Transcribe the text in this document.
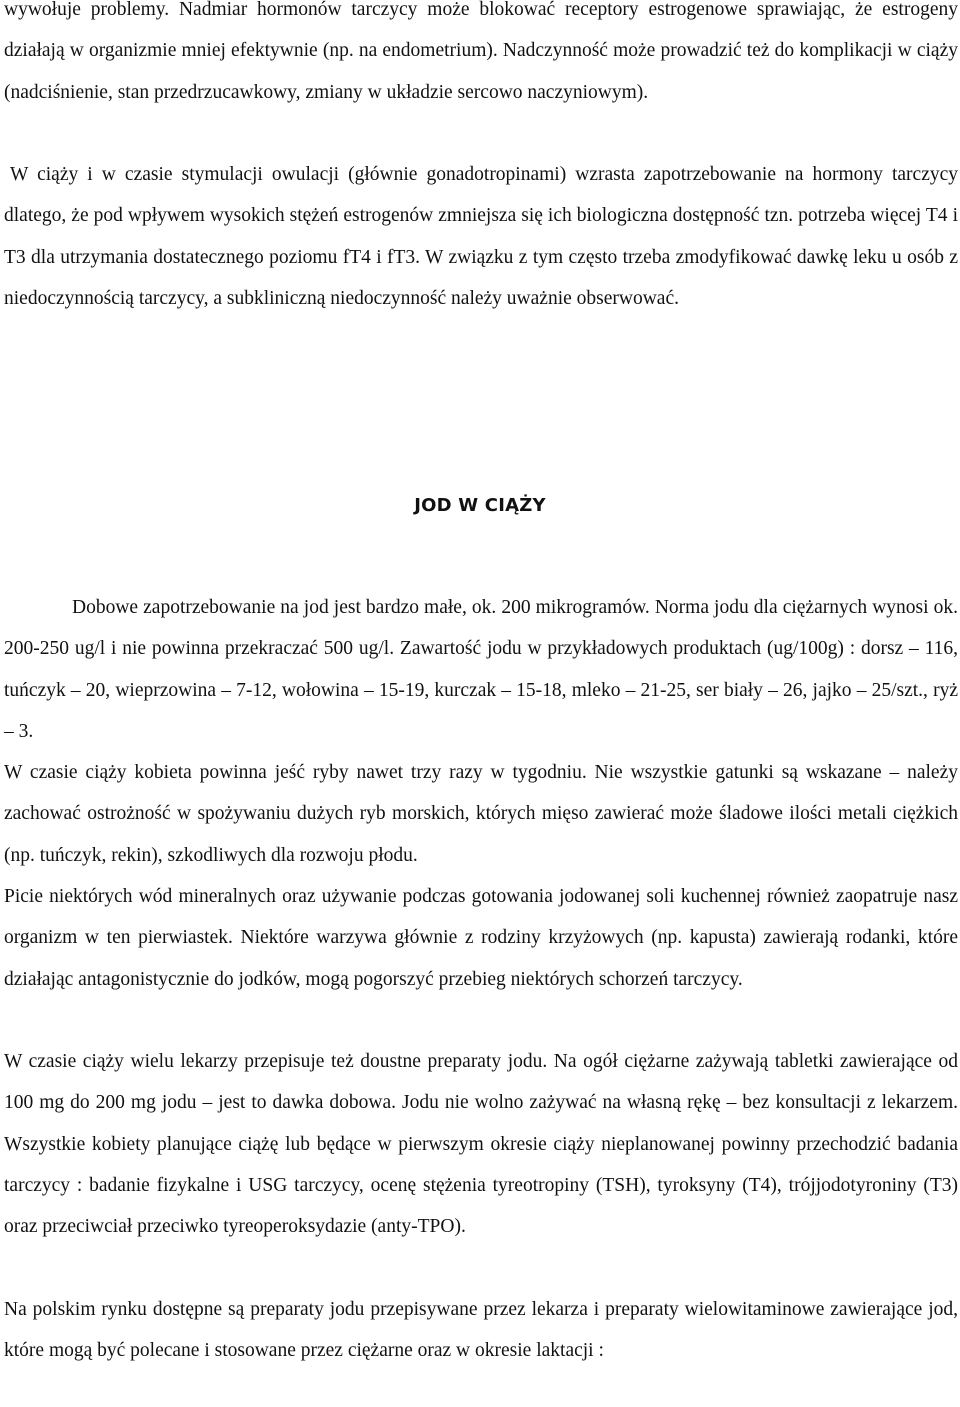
wywołuje problemy. Nadmiar hormonów tarczycy może blokować receptory estrogenowe sprawiając, że estrogeny działają w organizmie mniej efektywnie (np. na endometrium). Nadczynność może prowadzić też do komplikacji w ciąży (nadciśnienie, stan przedrzucawkowy, zmiany w układzie sercowo naczyniowym).

W ciąży i w czasie stymulacji owulacji (głównie gonadotropinami) wzrasta zapotrzebowanie na hormony tarczycy dlatego, że pod wpływem wysokich stężeń estrogenów zmniejsza się ich biologiczna dostępność tzn. potrzeba więcej T4 i T3 dla utrzymania dostatecznego poziomu fT4 i fT3. W związku z tym często trzeba zmodyfikować dawkę leku u osób z niedoczynnością tarczycy, a subkliniczną niedoczynność należy uważnie obserwować.

JOD W CIĄŻY

Dobowe zapotrzebowanie na jod jest bardzo małe, ok. 200 mikrogramów. Norma jodu dla ciężarnych wynosi ok. 200-250 ug/l i nie powinna przekraczać 500 ug/l. Zawartość jodu w przykładowych produktach (ug/100g) : dorsz – 116, tuńczyk – 20, wieprzowina – 7-12, wołowina – 15-19, kurczak – 15-18, mleko – 21-25, ser biały – 26, jajko – 25/szt., ryż – 3.

W czasie ciąży kobieta powinna jeść ryby nawet trzy razy w tygodniu. Nie wszystkie gatunki są wskazane – należy zachować ostrożność w spożywaniu dużych ryb morskich, których mięso zawierać może śladowe ilości metali ciężkich (np. tuńczyk, rekin), szkodliwych dla rozwoju płodu.

Picie niektórych wód mineralnych oraz używanie podczas gotowania jodowanej soli kuchennej również zaopatruje nasz organizm w ten pierwiastek. Niektóre warzywa głównie z rodziny krzyżowych (np. kapusta) zawierają rodanki, które działając antagonistycznie do jodków, mogą pogorszyć przebieg niektórych schorzeń tarczycy.

W czasie ciąży wielu lekarzy przepisuje też doustne preparaty jodu. Na ogół ciężarne zażywają tabletki zawierające od 100 mg do 200 mg jodu – jest to dawka dobowa. Jodu nie wolno zażywać na własną rękę – bez konsultacji z lekarzem. Wszystkie kobiety planujące ciążę lub będące w pierwszym okresie ciąży nieplanowanej powinny przechodzić badania tarczycy : badanie fizykalne i USG tarczycy, ocenę stężenia tyreotropiny (TSH), tyroksyny (T4), trójjodotyroniny (T3) oraz przeciwciał przeciwko tyreoperoksydazie (anty-TPO).

Na polskim rynku dostępne są preparaty jodu przepisywane przez lekarza i preparaty wielowitaminowe zawierające jod, które mogą być polecane i stosowane przez ciężarne oraz w okresie laktacji :
